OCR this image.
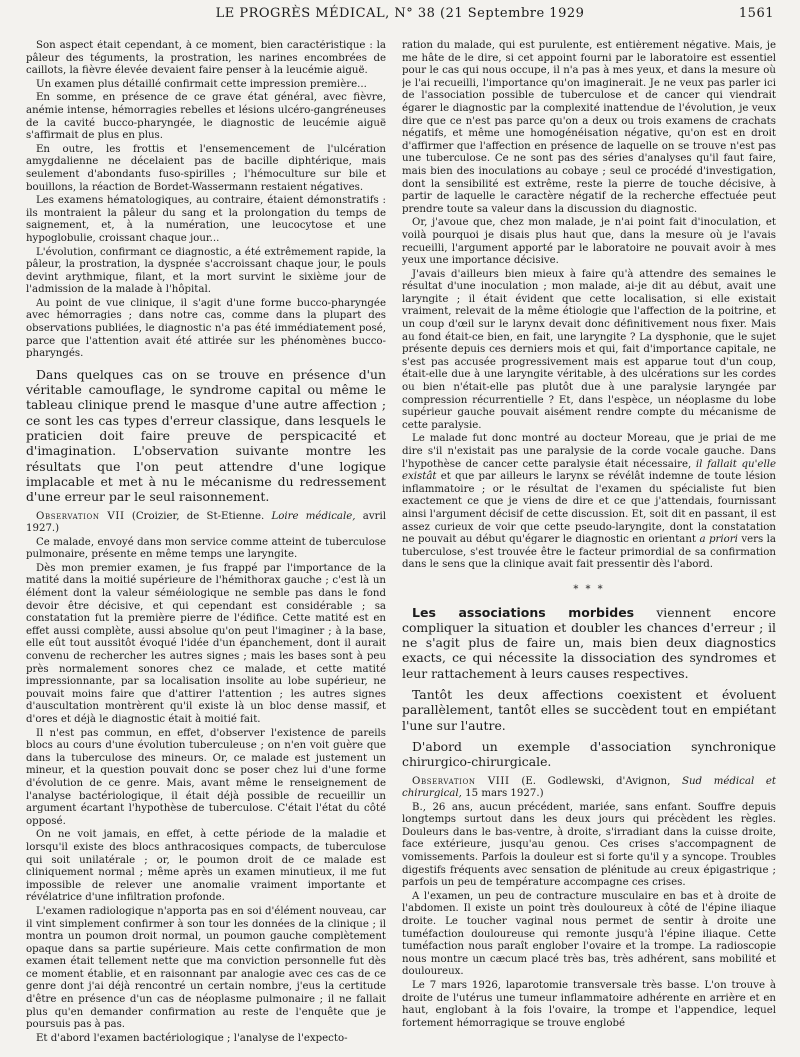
LE PROGRÈS MÉDICAL, N° 38 (21 Septembre 1929	1561

Son aspect était cependant, à ce moment, bien caractéristique : la pâleur des téguments, la prostration, les narines encombrées de caillots, la fièvre élevée devaient faire penser à la leucémie aiguë.

Un examen plus détaillé confirmait cette impression première...

En somme, en présence de ce grave état général, avec fièvre, anémie intense, hémorragies rebelles et lésions ulcéro-gangréneuses de la cavité bucco-pharyngée, le diagnostic de leucémie aiguë s'affirmait de plus en plus.

En outre, les frottis et l'ensemencement de l'ulcération amygdalienne ne décelaient pas de bacille diphtérique, mais seulement d'abondants fuso-spirilles ; l'hémoculture sur bile et bouillons, la réaction de Bordet-Wassermann restaient négatives.

Les examens hématologiques, au contraire, étaient démonstratifs : ils montraient la pâleur du sang et la prolongation du temps de saignement, et, à la numération, une leucocytose et une hypoglobulie, croissant chaque jour...

L'évolution, confirmant ce diagnostic, a été extrêmement rapide, la pâleur, la prostration, la dyspnée s'accroissant chaque jour, le pouls devint arythmique, filant, et la mort survint le sixième jour de l'admission de la malade à l'hôpital.

Au point de vue clinique, il s'agit d'une forme bucco-pharyngée avec hémorragies ; dans notre cas, comme dans la plupart des observations publiées, le diagnostic n'a pas été immédiatement posé, parce que l'attention avait été attirée sur les phénomènes bucco-pharyngés.

Dans quelques cas on se trouve en présence d'un véritable camouflage, le syndrome capital ou même le tableau clinique prend le masque d'une autre affection ; ce sont les cas types d'erreur classique, dans lesquels le praticien doit faire preuve de perspicacité et d'imagination. L'observation suivante montre les résultats que l'on peut attendre d'une logique implacable et met à nu le mécanisme du redressement d'une erreur par le seul raisonnement.

Observation VII (Croizier, de St-Etienne. Loire médicale, avril 1927.)

Ce malade, envoyé dans mon service comme atteint de tuberculose pulmonaire, présente en même temps une laryngite.

Dès mon premier examen, je fus frappé par l'importance de la matité dans la moitié supérieure de l'hémithorax gauche ; c'est là un élément dont la valeur séméiologique ne semble pas dans le fond devoir être décisive, et qui cependant est considérable ; sa constatation fut la première pierre de l'édifice. Cette matité est en effet aussi complète, aussi absolue qu'on peut l'imaginer ; à la base, elle eût tout aussitôt évoqué l'idée d'un épanchement, dont il aurait convenu de rechercher les autres signes ; mais les bases sont à peu près normalement sonores chez ce malade, et cette matité impressionnante, par sa localisation insolite au lobe supérieur, ne pouvait moins faire que d'attirer l'attention ; les autres signes d'auscultation montrèrent qu'il existe là un bloc dense massif, et d'ores et déjà le diagnostic était à moitié fait.

Il n'est pas commun, en effet, d'observer l'existence de pareils blocs au cours d'une évolution tuberculeuse ; on n'en voit guère que dans la tuberculose des mineurs. Or, ce malade est justement un mineur, et la question pouvait donc se poser chez lui d'une forme d'évolution de ce genre. Mais, avant même le renseignement de l'analyse bactériologique, il était déjà possible de recueillir un argument écartant l'hypothèse de tuberculose. C'était l'état du côté opposé.

On ne voit jamais, en effet, à cette période de la maladie et lorsqu'il existe des blocs anthracosiques compacts, de tuberculose qui soit unilatérale ; or, le poumon droit de ce malade est cliniquement normal ; même après un examen minutieux, il me fut impossible de relever une anomalie vraiment importante et révélatrice d'une infiltration profonde.

L'examen radiologique n'apporta pas en soi d'élément nouveau, car il vint simplement confirmer à son tour les données de la clinique ; il montra un poumon droit normal, un poumon gauche complètement opaque dans sa partie supérieure. Mais cette confirmation de mon examen était tellement nette que ma conviction personnelle fut dès ce moment établie, et en raisonnant par analogie avec ces cas de ce genre dont j'ai déjà rencontré un certain nombre, j'eus la certitude d'être en présence d'un cas de néoplasme pulmonaire ; il ne fallait plus qu'en demander confirmation au reste de l'enquête que je poursuis pas à pas.

Et d'abord l'examen bactériologique ; l'analyse de l'expecto-

ration du malade, qui est purulente, est entièrement négative. Mais, je me hâte de le dire, si cet appoint fourni par le laboratoire est essentiel pour le cas qui nous occupe, il n'a pas à mes yeux, et dans la mesure où je l'ai recueilli, l'importance qu'on imaginerait. Je ne veux pas parler ici de l'association possible de tuberculose et de cancer qui viendrait égarer le diagnostic par la complexité inattendue de l'évolution, je veux dire que ce n'est pas parce qu'on a deux ou trois examens de crachats négatifs, et même une homogénéisation négative, qu'on est en droit d'affirmer que l'affection en présence de laquelle on se trouve n'est pas une tuberculose. Ce ne sont pas des séries d'analyses qu'il faut faire, mais bien des inoculations au cobaye ; seul ce procédé d'investigation, dont la sensibilité est extrême, reste la pierre de touche décisive, à partir de laquelle le caractère négatif de la recherche effectuée peut prendre toute sa valeur dans la discussion du diagnostic.

Or, j'avoue que, chez mon malade, je n'ai point fait d'inoculation, et voilà pourquoi je disais plus haut que, dans la mesure où je l'avais recueilli, l'argument apporté par le laboratoire ne pouvait avoir à mes yeux une importance décisive.

J'avais d'ailleurs bien mieux à faire qu'à attendre des semaines le résultat d'une inoculation ; mon malade, ai-je dit au début, avait une laryngite ; il était évident que cette localisation, si elle existait vraiment, relevait de la même étiologie que l'affection de la poitrine, et un coup d'œil sur le larynx devait donc définitivement nous fixer. Mais au fond était-ce bien, en fait, une laryngite ? La dysphonie, que le sujet présente depuis ces derniers mois et qui, fait d'importance capitale, ne s'est pas accusée progressivement mais est apparue tout d'un coup, était-elle due à une laryngite véritable, à des ulcérations sur les cordes ou bien n'était-elle pas plutôt due à une paralysie laryngée par compression récurrentielle ? Et, dans l'espèce, un néoplasme du lobe supérieur gauche pouvait aisément rendre compte du mécanisme de cette paralysie.

Le malade fut donc montré au docteur Moreau, que je priai de me dire s'il n'existait pas une paralysie de la corde vocale gauche. Dans l'hypothèse de cancer cette paralysie était nécessaire, il fallait qu'elle existât et que par ailleurs le larynx se révélât indemne de toute lésion inflammatoire ; or le résultat de l'examen du spécialiste fut bien exactement ce que je viens de dire et ce que j'attendais, fournissant ainsi l'argument décisif de cette discussion. Et, soit dit en passant, il est assez curieux de voir que cette pseudo-laryngite, dont la constatation ne pouvait au début qu'égarer le diagnostic en orientant a priori vers la tuberculose, s'est trouvée être le facteur primordial de sa confirmation dans le sens que la clinique avait fait pressentir dès l'abord.

* * *

Les associations morbides viennent encore compliquer la situation et doubler les chances d'erreur ; il ne s'agit plus de faire un, mais bien deux diagnostics exacts, ce qui nécessite la dissociation des syndromes et leur rattachement à leurs causes respectives.

Tantôt les deux affections coexistent et évoluent parallèlement, tantôt elles se succèdent tout en empiétant l'une sur l'autre.

D'abord un exemple d'association synchronique chirurgico-chirurgicale.

Observation VIII (E. Godlewski, d'Avignon, Sud médical et chirurgical, 15 mars 1927.)

B., 26 ans, aucun précédent, mariée, sans enfant. Souffre depuis longtemps surtout dans les deux jours qui précèdent les règles. Douleurs dans le bas-ventre, à droite, s'irradiant dans la cuisse droite, face extérieure, jusqu'au genou. Ces crises s'accompagnent de vomissements. Parfois la douleur est si forte qu'il y a syncope. Troubles digestifs fréquents avec sensation de plénitude au creux épigastrique ; parfois un peu de température accompagne ces crises.

A l'examen, un peu de contracture musculaire en bas et à droite de l'abdomen. Il existe un point très douloureux à côté de l'épine iliaque droite. Le toucher vaginal nous permet de sentir à droite une tuméfaction douloureuse qui remonte jusqu'à l'épine iliaque. Cette tuméfaction nous paraît englober l'ovaire et la trompe. La radioscopie nous montre un cæcum placé très bas, très adhérent, sans mobilité et douloureux.

Le 7 mars 1926, laparotomie transversale très basse. L'on trouve à droite de l'utérus une tumeur inflammatoire adhérente en arrière et en haut, englobant à la fois l'ovaire, la trompe et l'appendice, lequel fortement hémorragique se trouve englobé
